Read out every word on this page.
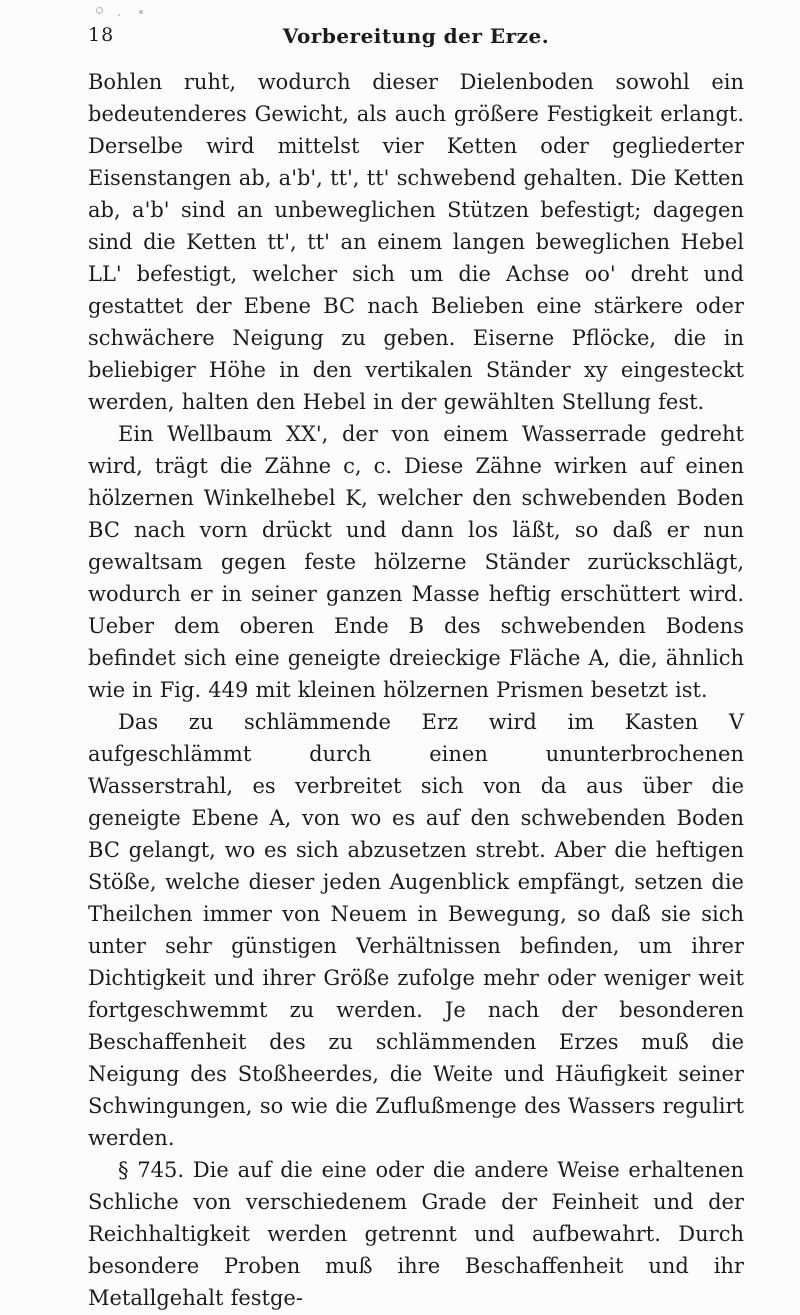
18	Vorbereitung der Erze.

Bohlen ruht, wodurch dieser Dielenboden sowohl ein bedeutenderes Gewicht, als auch größere Festigkeit erlangt. Derselbe wird mittelst vier Ketten oder gegliederter Eisenstangen ab, a'b', tt', tt' schwebend gehalten. Die Ketten ab, a'b' sind an unbeweglichen Stützen befestigt; dagegen sind die Ketten tt', tt' an einem langen beweglichen Hebel LL' befestigt, welcher sich um die Achse oo' dreht und gestattet der Ebene BC nach Belieben eine stärkere oder schwächere Neigung zu geben. Eiserne Pflöcke, die in beliebiger Höhe in den vertikalen Ständer xy eingesteckt werden, halten den Hebel in der gewählten Stellung fest.

Ein Wellbaum XX', der von einem Wasserrade gedreht wird, trägt die Zähne c, c. Diese Zähne wirken auf einen hölzernen Winkelhebel K, welcher den schwebenden Boden BC nach vorn drückt und dann los läßt, so daß er nun gewaltsam gegen feste hölzerne Ständer zurückschlägt, wodurch er in seiner ganzen Masse heftig erschüttert wird. Ueber dem oberen Ende B des schwebenden Bodens befindet sich eine geneigte dreieckige Fläche A, die, ähnlich wie in Fig. 449 mit kleinen hölzernen Prismen besetzt ist.

Das zu schlämmende Erz wird im Kasten V aufgeschlämmt durch einen ununterbrochenen Wasserstrahl, es verbreitet sich von da aus über die geneigte Ebene A, von wo es auf den schwebenden Boden BC gelangt, wo es sich abzusetzen strebt. Aber die heftigen Stöße, welche dieser jeden Augenblick empfängt, setzen die Theilchen immer von Neuem in Bewegung, so daß sie sich unter sehr günstigen Verhältnissen befinden, um ihrer Dichtigkeit und ihrer Größe zufolge mehr oder weniger weit fortgeschwemmt zu werden. Je nach der besonderen Beschaffenheit des zu schlämmenden Erzes muß die Neigung des Stoßheerdes, die Weite und Häufigkeit seiner Schwingungen, so wie die Zuflußmenge des Wassers regulirt werden.

§ 745. Die auf die eine oder die andere Weise erhaltenen Schliche von verschiedenem Grade der Feinheit und der Reichhaltigkeit werden getrennt und aufbewahrt. Durch besondere Proben muß ihre Beschaffenheit und ihr Metallgehalt festge-
